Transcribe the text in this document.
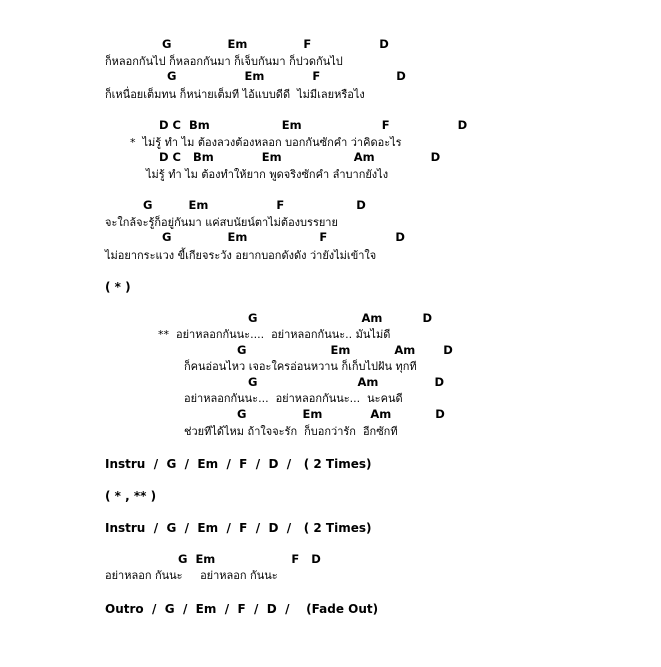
G              Em              F                 D
ก็หลอกกันไป ก็หลอกกันมา ก็เจ็บกันมา ก็ปวดกันไป
G                 Em            F                   D
ก็เหนื่อยเต็มทน ก็หน่ายเต็มที ไอ้แบบดีดี  ไม่มีเลยหรือไง
D C  Bm                  Em                    F                 D
*  ไม่รู้ ทำ ไม ต้องลวงต้องหลอก บอกกันซักคำ ว่าคิดอะไร
D C   Bm            Em                  Am              D
ไม่รู้ ทำ ไม ต้องทำให้ยาก พูดจริงซักคำ ลำบากยังไง
G         Em                 F                  D
จะใกล้จะรู้ก็อยู่กันมา แค่สบนัยน์ตาไม่ต้องบรรยาย
G              Em                  F                 D
ไม่อยากระแวง ขี้เกียจระวัง อยากบอกดังดัง ว่ายังไม่เข้าใจ
( * )
G                          Am          D
**  อย่าหลอกกันนะ....  อย่าหลอกกันนะ.. มันไม่ดี
G                     Em           Am       D
ก็คนอ่อนไหว เจอะใครอ่อนหวาน ก็เก็บไปฝัน ทุกที
G                         Am              D
อย่าหลอกกันนะ...  อย่าหลอกกันนะ...  นะคนดี
G              Em            Am           D
ช่วยทีได้ไหม ถ้าใจจะรัก  ก็บอกว่ารัก  อีกซักที
Instru  /  G  /  Em  /  F  /  D  /   ( 2 Times)
( * , ** )
Instru  /  G  /  Em  /  F  /  D  /   ( 2 Times)
G  Em                   F   D
อย่าหลอก กันนะ     อย่าหลอก กันนะ
Outro  /  G  /  Em  /  F  /  D  /    (Fade Out)
